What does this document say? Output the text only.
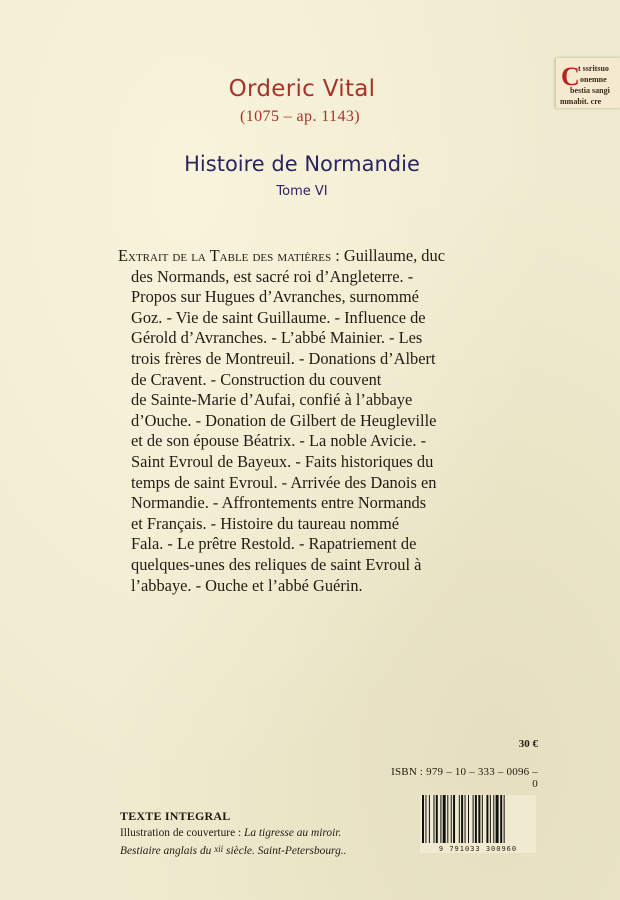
Orderic Vital
(1075 – ap. 1143)
Histoire de Normandie
Tome VI
C
t ssritsuo
onemne
bestia sangi
mmabit. cre
Extrait de la Table des matières : Guillaume, duc
des Normands, est sacré roi d’Angleterre. -
Propos sur Hugues d’Avranches, surnommé
Goz. - Vie de saint Guillaume. - Influence de
Gérold d’Avranches. - L’abbé Mainier. - Les
trois frères de Montreuil. - Donations d’Albert
de Cravent. - Construction du couvent
de Sainte-Marie d’Aufai, confié à l’abbaye
d’Ouche. - Donation de Gilbert de Heugleville
et de son épouse Béatrix. - La noble Avicie. -
Saint Evroul de Bayeux. - Faits historiques du
temps de saint Evroul. - Arrivée des Danois en
Normandie. - Affrontements entre Normands
et Français. - Histoire du taureau nommé
Fala. - Le prêtre Restold. - Rapatriement de
quelques-unes des reliques de saint Evroul à
l’abbaye. - Ouche et l’abbé Guérin.
30 €
ISBN : 979 – 10 – 333 – 0096 – 0
TEXTE INTEGRAL
Illustration de couverture : La tigresse au miroir.
Bestiaire anglais du xii siècle. Saint-Petersbourg..	9 791033 300960
